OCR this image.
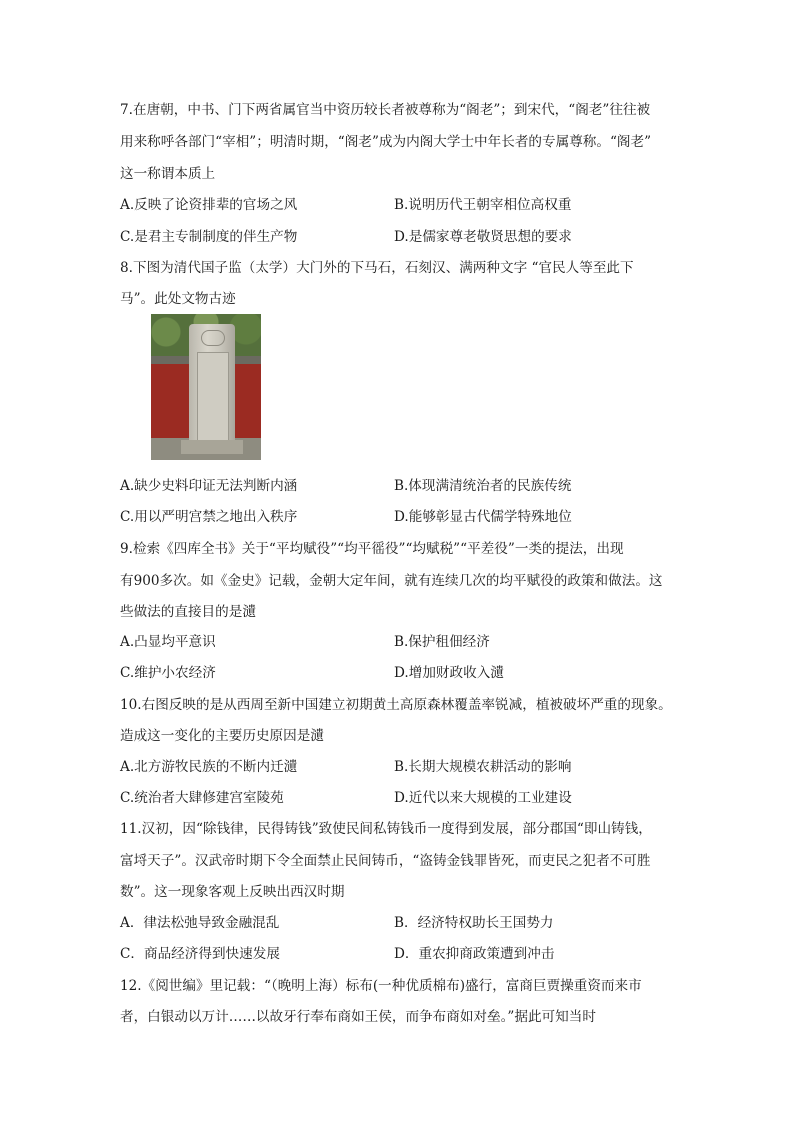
7.在唐朝，中书、门下两省属官当中资历较长者被尊称为“阁老”；到宋代，“阁老”往往被
用来称呼各部门“宰相”；明清时期，“阁老”成为内阁大学士中年长者的专属尊称。“阁老”
这一称谓本质上
A.反映了论资排辈的官场之风	B.说明历代王朝宰相位高权重
C.是君主专制制度的伴生产物	D.是儒家尊老敬贤思想的要求
8.下图为清代国子监（太学）大门外的下马石，石刻汉、满两种文字 “官民人等至此下
马”。此处文物古迹
A.缺少史料印证无法判断内涵	B.体现满清统治者的民族传统
C.用以严明宫禁之地出入秩序	D.能够彰显古代儒学特殊地位
9.检索《四库全书》关于“平均赋役”“均平徭役”“均赋税”“平差役”一类的提法，出现
有900多次。如《金史》记载，金朝大定年间，就有连续几次的均平赋役的政策和做法。这
些做法的直接目的是瀢
A.凸显均平意识	B.保护租佃经济
C.维护小农经济	D.增加财政收入瀢
10.右图反映的是从西周至新中国建立初期黄土高原森林覆盖率锐减，植被破坏严重的现象。
造成这一变化的主要历史原因是瀢
A.北方游牧民族的不断内迁瀢	B.长期大规模农耕活动的影响
C.统治者大肆修建宫室陵苑	D.近代以来大规模的工业建设
11.汉初，因“除钱律，民得铸钱”致使民间私铸钱币一度得到发展，部分郡国“即山铸钱，
富埒天子”。汉武帝时期下令全面禁止民间铸币，“盗铸金钱罪皆死，而吏民之犯者不可胜
数”。这一现象客观上反映出西汉时期
A．律法松弛导致金融混乱	B．经济特权助长王国势力
C．商品经济得到快速发展	D．重农抑商政策遭到冲击
12.《阅世编》里记载：“（晚明上海）标布(一种优质棉布)盛行，富商巨贾操重资而来市
者，白银动以万计……以故牙行奉布商如王侯，而争布商如对垒。”据此可知当时
